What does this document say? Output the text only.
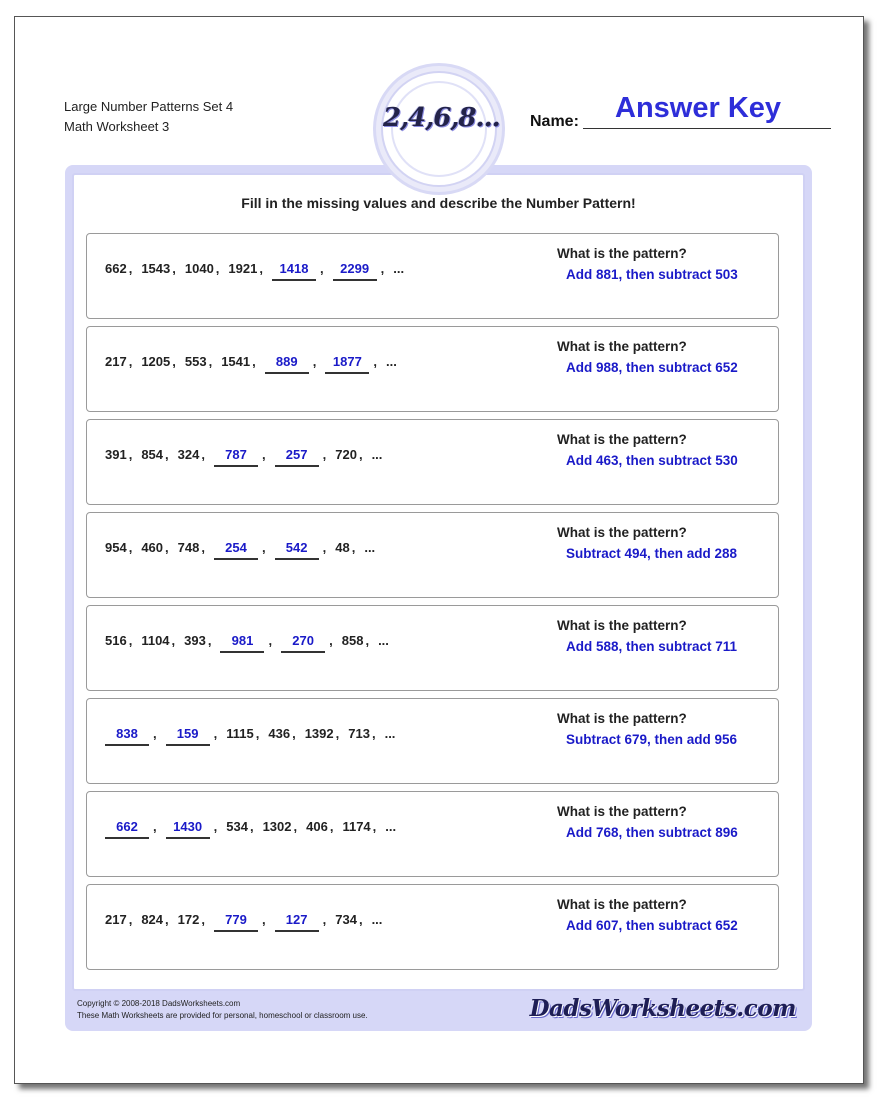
Large Number Patterns Set 4
Math Worksheet 3	Name: Answer Key
2,4,6,8...
Fill in the missing values and describe the Number Pattern!
662 , 1543 , 1040 , 1921 ,	1418 ,	2299 , ...
What is the pattern?
Add 881, then subtract 503
217 , 1205 , 553 , 1541 ,	889	,	1877 , ...
What is the pattern?
Add 988, then subtract 652
391 , 854 , 324 ,	787	,	257	, 720 , ...
What is the pattern?
Add 463, then subtract 530
954 , 460 , 748 ,	254	,	542	, 48 , ...
What is the pattern?
Subtract 494, then add 288
516 , 1104 , 393 ,	981	,	270	, 858 , ...
What is the pattern?
Add 588, then subtract 711
838	,	159	, 1115 , 436 , 1392 , 713 , ...
What is the pattern?
Subtract 679, then add 956
662	,	1430 , 534 , 1302 , 406 , 1174 , ...
What is the pattern?
Add 768, then subtract 896
217 , 824 , 172 ,	779	,	127	, 734 , ...
What is the pattern?
Add 607, then subtract 652
Copyright © 2008-2018 DadsWorksheets.com
These Math Worksheets are provided for personal, homeschool or classroom use.	DadsWorksheets.com
